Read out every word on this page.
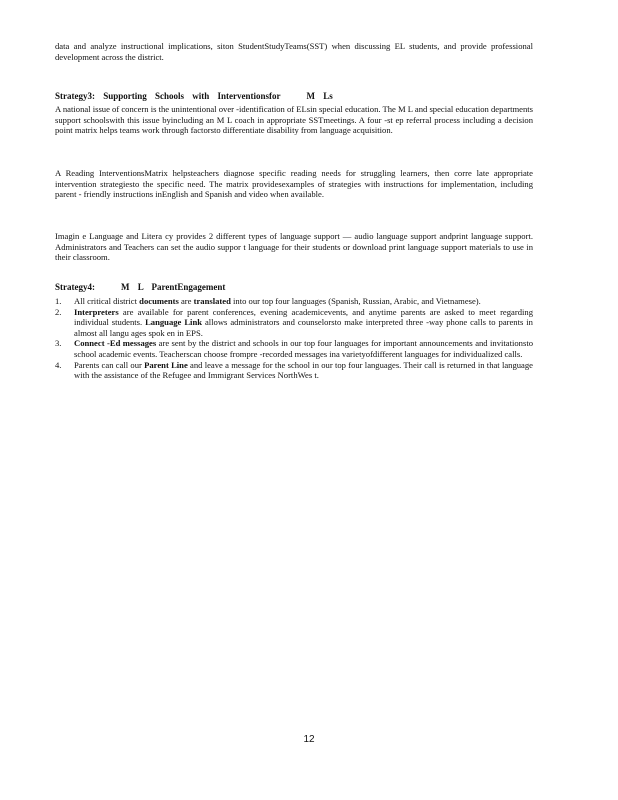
data and analyze instructional implications, siton StudentStudyTeams(SST) when discussing EL students, and provide professional development across the district.
Strategy3: Supporting Schools with Interventionsfor	M Ls
A national issue of concern is the unintentional over -identification of ELsin special education. The M L and special education departments support schoolswith this issue byincluding an M L coach in appropriate SSTmeetings. A four -st ep referral process including a decision point matrix helps teams work through factorsto differentiate disability from language acquisition.
A Reading InterventionsMatrix helpsteachers diagnose specific reading needs for struggling learners, then corre late appropriate intervention strategiesto the specific need. The matrix providesexamples of strategies with instructions for implementation, including parent - friendly instructions inEnglish and Spanish and video when available.
Imagin e Language and Litera cy provides 2 different types of language support — audio language support andprint language support. Administrators and Teachers can set the audio suppor t language for their students or download print language support materials to use in their classroom.
Strategy4:	M L ParentEngagement
1.	All critical district documents are translated into our top four languages (Spanish, Russian, Arabic, and Vietnamese).
2.	Interpreters are available for parent conferences, evening academicevents, and anytime parents are asked to meet regarding individual students. Language Link allows administrators and counselorsto make interpreted three -way phone calls to parents in almost all langu ages spok en in EPS.
3.	Connect -Ed messages are sent by the district and schools in our top four languages for important announcements and invitationsto school academic events. Teacherscan choose frompre -recorded messages ina varietyofdifferent languages for individualized calls.
4.	Parents can call our Parent Line and leave a message for the school in our top four languages. Their call is returned in that language with the assistance of the Refugee and Immigrant Services NorthWes t.
12
